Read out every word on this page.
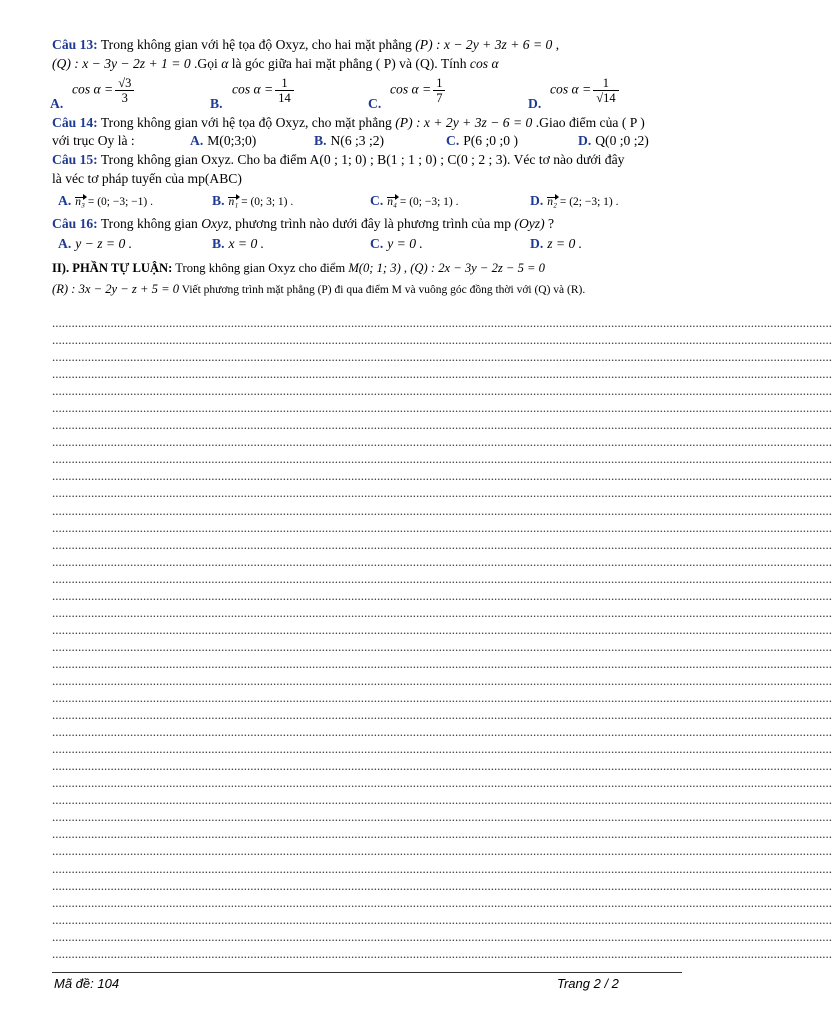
Câu 13: Trong không gian với hệ tọa độ Oxyz, cho hai mặt phẳng (P) : x − 2y + 3z + 6 = 0 ,
(Q) : x − 3y − 2z + 1 = 0 .Gọi α là góc giữa hai mặt phẳng ( P) và (Q). Tính cos α
A.
$\cos \alpha = \frac{√3}{3}$	B.
$\cos \alpha = \frac{1}{14}$	C.
$\cos \alpha = \frac{1}{7}$	D.
$\cos \alpha = \frac{1}{√14}$
Câu 14: Trong không gian với hệ tọa độ Oxyz, cho mặt phẳng (P) : x + 2y + 3z − 6 = 0 .Giao điểm của ( P )
với trục Oy là :	A. M(0;3;0)	B. N(6 ;3 ;2)	C. P(6 ;0 ;0 )	D. Q(0 ;0 ;2)
Câu 15: Trong không gian Oxyz. Cho ba điểm A(0 ; 1; 0) ; B(1 ; 1 ; 0) ; C(0 ; 2 ; 3). Véc tơ nào dưới đây
là véc tơ pháp tuyến của mp(ABC)
A. n₃ = (0; −3; −1) .	B. n₁ = (0; 3; 1) .	C. n₄ = (0; −3; 1) .	D. n₂ = (2; −3; 1) .
Câu 16: Trong không gian Oxyz, phương trình nào dưới đây là phương trình của mp (Oyz) ?
A. y − z = 0 .	B. x = 0 .	C. y = 0 .	D. z = 0 .
II). PHẦN TỰ LUẬN: Trong không gian Oxyz cho điểm M(0; 1; 3) , (Q) : 2x − 3y − 2z − 5 = 0
(R) : 3x − 2y − z + 5 = 0 Viết phương trình mặt phẳng (P) đi qua điểm M và vuông góc đồng thời với (Q) và (R).
................................................................................................................................................................................................................................................
................................................................................................................................................................................................................................................
................................................................................................................................................................................................................................................
................................................................................................................................................................................................................................................
................................................................................................................................................................................................................................................
................................................................................................................................................................................................................................................
................................................................................................................................................................................................................................................
................................................................................................................................................................................................................................................
................................................................................................................................................................................................................................................
................................................................................................................................................................................................................................................
................................................................................................................................................................................................................................................
................................................................................................................................................................................................................................................
................................................................................................................................................................................................................................................
................................................................................................................................................................................................................................................
................................................................................................................................................................................................................................................
................................................................................................................................................................................................................................................
................................................................................................................................................................................................................................................
................................................................................................................................................................................................................................................
................................................................................................................................................................................................................................................
................................................................................................................................................................................................................................................
................................................................................................................................................................................................................................................
................................................................................................................................................................................................................................................
................................................................................................................................................................................................................................................
................................................................................................................................................................................................................................................
................................................................................................................................................................................................................................................
................................................................................................................................................................................................................................................
................................................................................................................................................................................................................................................
................................................................................................................................................................................................................................................
................................................................................................................................................................................................................................................
................................................................................................................................................................................................................................................
................................................................................................................................................................................................................................................
................................................................................................................................................................................................................................................
................................................................................................................................................................................................................................................
................................................................................................................................................................................................................................................
................................................................................................................................................................................................................................................
................................................................................................................................................................................................................................................
................................................................................................................................................................................................................................................
................................................................................................................................................................................................................................................
Mã đề: 104	Trang 2 / 2
